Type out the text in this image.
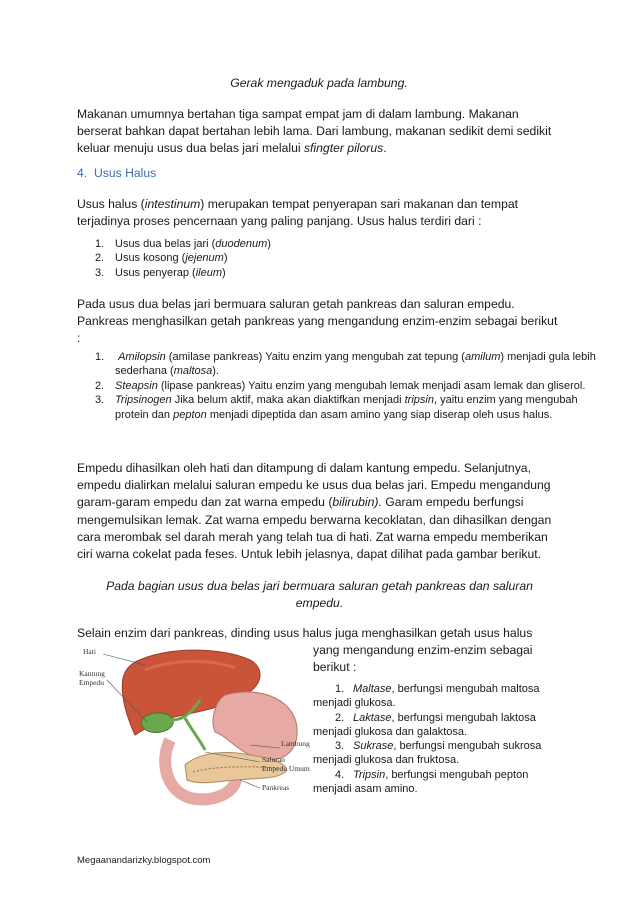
Gerak mengaduk pada lambung.

Makanan umumnya bertahan tiga sampat empat jam di dalam lambung. Makanan berserat bahkan dapat bertahan lebih lama. Dari lambung, makanan sedikit demi sedikit keluar menuju usus dua belas jari melalui sfingter pilorus.

4. Usus Halus

Usus halus (intestinum) merupakan tempat penyerapan sari makanan dan tempat terjadinya proses pencernaan yang paling panjang. Usus halus terdiri dari :

Usus dua belas jari (duodenum)
Usus kosong (jejenum)
Usus penyerap (ileum)

Pada usus dua belas jari bermuara saluran getah pankreas dan saluran empedu. Pankreas menghasilkan getah pankreas yang mengandung enzim-enzim sebagai berikut :

Amilopsin (amilase pankreas) Yaitu enzim yang mengubah zat tepung (amilum) menjadi gula lebih sederhana (maltosa).
Steapsin (lipase pankreas) Yaitu enzim yang mengubah lemak menjadi asam lemak dan gliserol.
Tripsinogen Jika belum aktif, maka akan diaktifkan menjadi tripsin, yaitu enzim yang mengubah protein dan pepton menjadi dipeptida dan asam amino yang siap diserap oleh usus halus.

Empedu dihasilkan oleh hati dan ditampung di dalam kantung empedu. Selanjutnya, empedu dialirkan melalui saluran empedu ke usus dua belas jari. Empedu mengandung garam-garam empedu dan zat warna empedu (bilirubin). Garam empedu berfungsi mengemulsikan lemak. Zat warna empedu berwarna kecoklatan, dan dihasilkan dengan cara merombak sel darah merah yang telah tua di hati. Zat warna empedu memberikan ciri warna cokelat pada feses. Untuk lebih jelasnya, dapat dilihat pada gambar berikut.

Pada bagian usus dua belas jari bermuara saluran getah pankreas dan saluran empedu.

Selain enzim dari pankreas, dinding usus halus juga menghasilkan getah usus halus

yang mengandung enzim-enzim sebagai berikut :

1. Maltase, berfungsi mengubah maltosa menjadi glukosa.
2. Laktase, berfungsi mengubah laktosa menjadi glukosa dan galaktosa.
3. Sukrase, berfungsi mengubah sukrosa menjadi glukosa dan fruktosa.
4. Tripsin, berfungsi mengubah pepton menjadi asam amino.
Hati
Kantung
Empedu
Lambung
Saluran
Empedu Umum
Pankreas
Megaanandarizky.blogspot.com
